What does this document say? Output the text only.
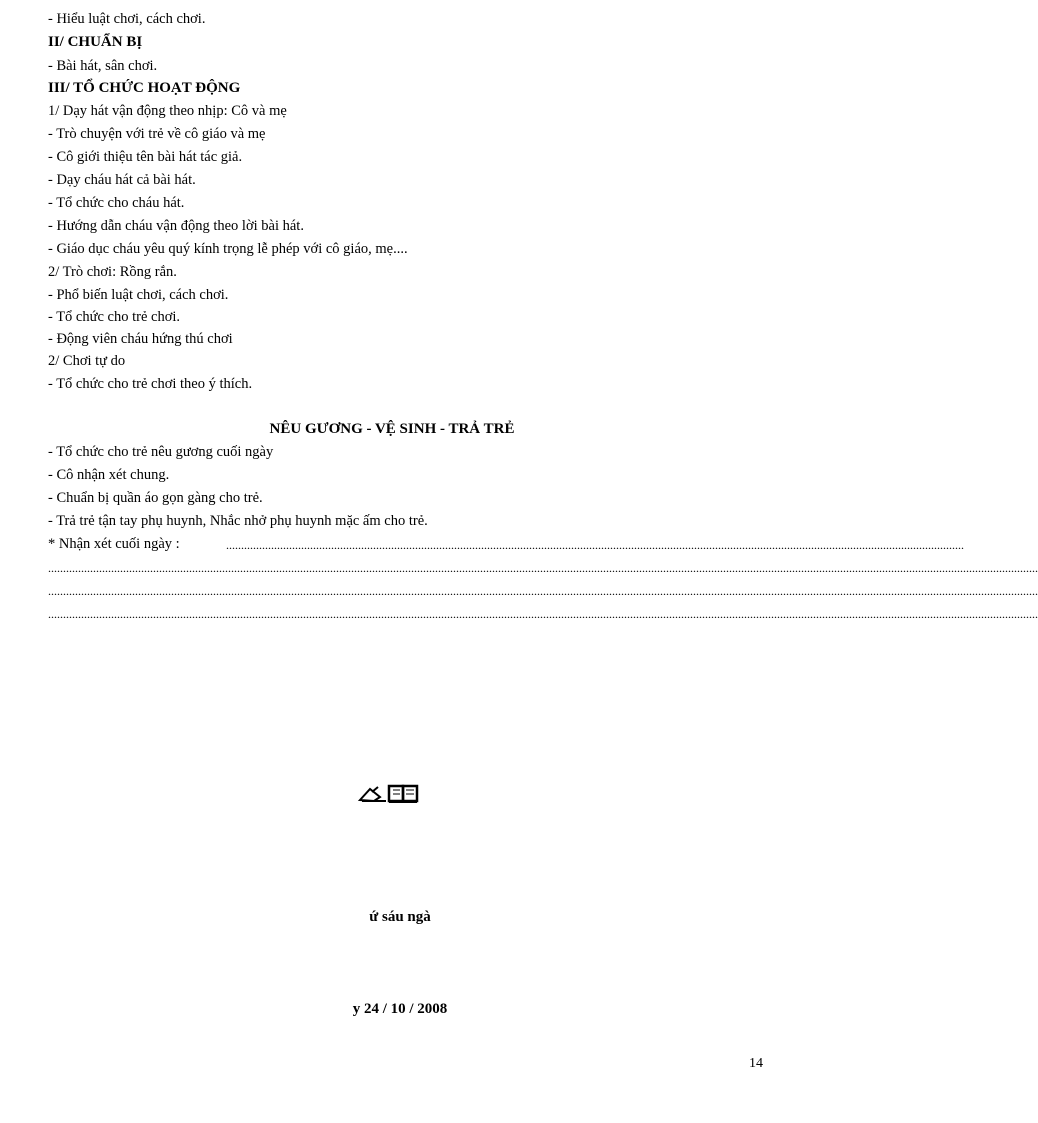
- Hiểu luật chơi, cách chơi.
II/ CHUẨN BỊ
- Bài hát, sân chơi.
III/ TỔ CHỨC HOẠT ĐỘNG
1/ Dạy hát vận động theo nhịp: Cô và mẹ
- Trò chuyện với trẻ về cô giáo và mẹ
- Cô giới thiệu tên bài hát tác giả.
- Dạy cháu hát cả bài hát.
- Tổ chức cho cháu hát.
- Hướng dẫn cháu vận động theo lời bài hát.
- Giáo dục cháu yêu quý kính trọng lễ phép với cô giáo, mẹ....
2/ Trò chơi: Rồng rắn.
- Phổ biến luật chơi, cách chơi.
- Tổ chức cho trẻ chơi.
- Động viên cháu hứng thú chơi
2/ Chơi tự do
- Tổ chức cho trẻ chơi theo ý thích.
NÊU GƯƠNG - VỆ SINH - TRẢ TRẺ
- Tổ chức cho trẻ nêu gương cuối ngày
- Cô nhận xét chung.
- Chuẩn bị quần áo gọn gàng cho trẻ.
- Trả trẻ tận tay phụ huynh, Nhắc nhở phụ huynh mặc ấm cho trẻ.
* Nhận xét cuối ngày :	......................................................................................................................................................................................................................................................
..........................................................................................................................................................................................................................................................................................................................................
..........................................................................................................................................................................................................................................................................................................................................
..........................................................................................................................................................................................................................................................................................................................................
ứ sáu ngà
y 24 / 10 / 2008
14
